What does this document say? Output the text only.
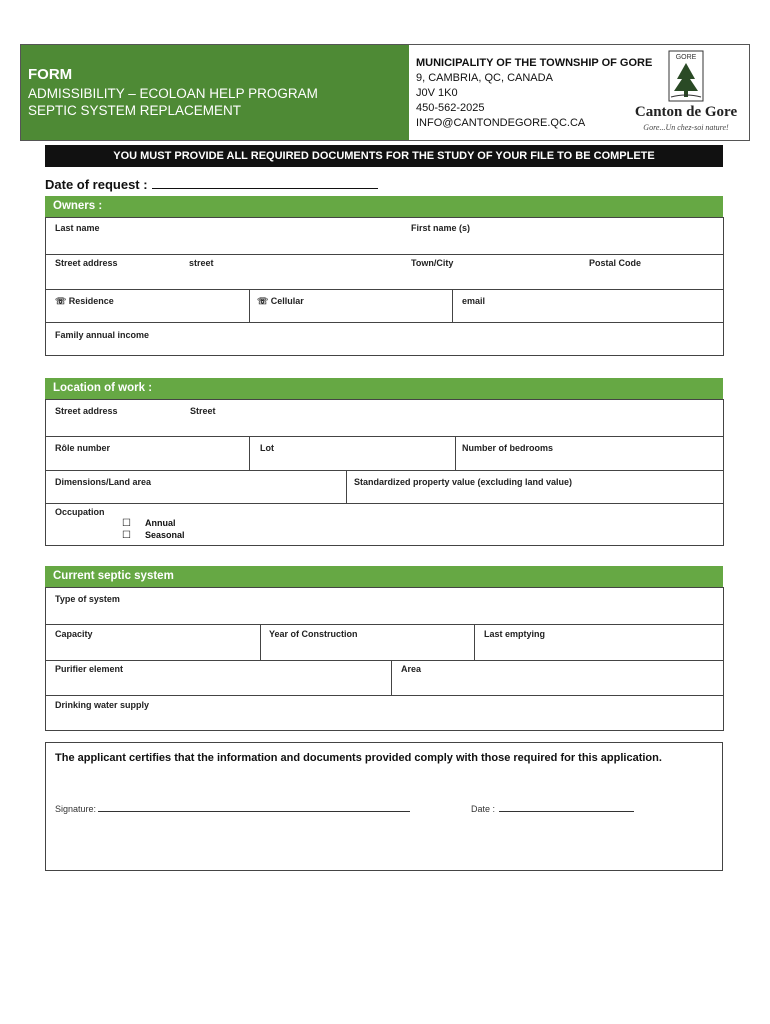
FORM
ADMISSIBILITY – ECOLOAN HELP PROGRAM
SEPTIC SYSTEM REPLACEMENT
MUNICIPALITY OF THE TOWNSHIP OF GORE
9, CAMBRIA, QC, CANADA
J0V 1K0
450-562-2025
INFO@CANTONDEGORE.QC.CA
GORE
Canton de Gore
Gore...Un chez-soi nature!
YOU MUST PROVIDE ALL REQUIRED DOCUMENTS FOR THE STUDY OF YOUR FILE TO BE COMPLETE
Date of request :
Owners :
Last name	First name (s)
Street address	street	Town/City	Postal Code
☏ Residence	☏ Cellular	email
Family annual income
Location of work :
Street address	Street
Rôle number	Lot	Number of bedrooms
Dimensions/Land area	Standardized property value (excluding land value)
Occupation
☐ Annual
☐ Seasonal
Current septic system
Type of system
Capacity	Year of Construction	Last emptying
Purifier element	Area
Drinking water supply
The applicant certifies that the information and documents provided comply with those required for this application.
Signature:	Date :
